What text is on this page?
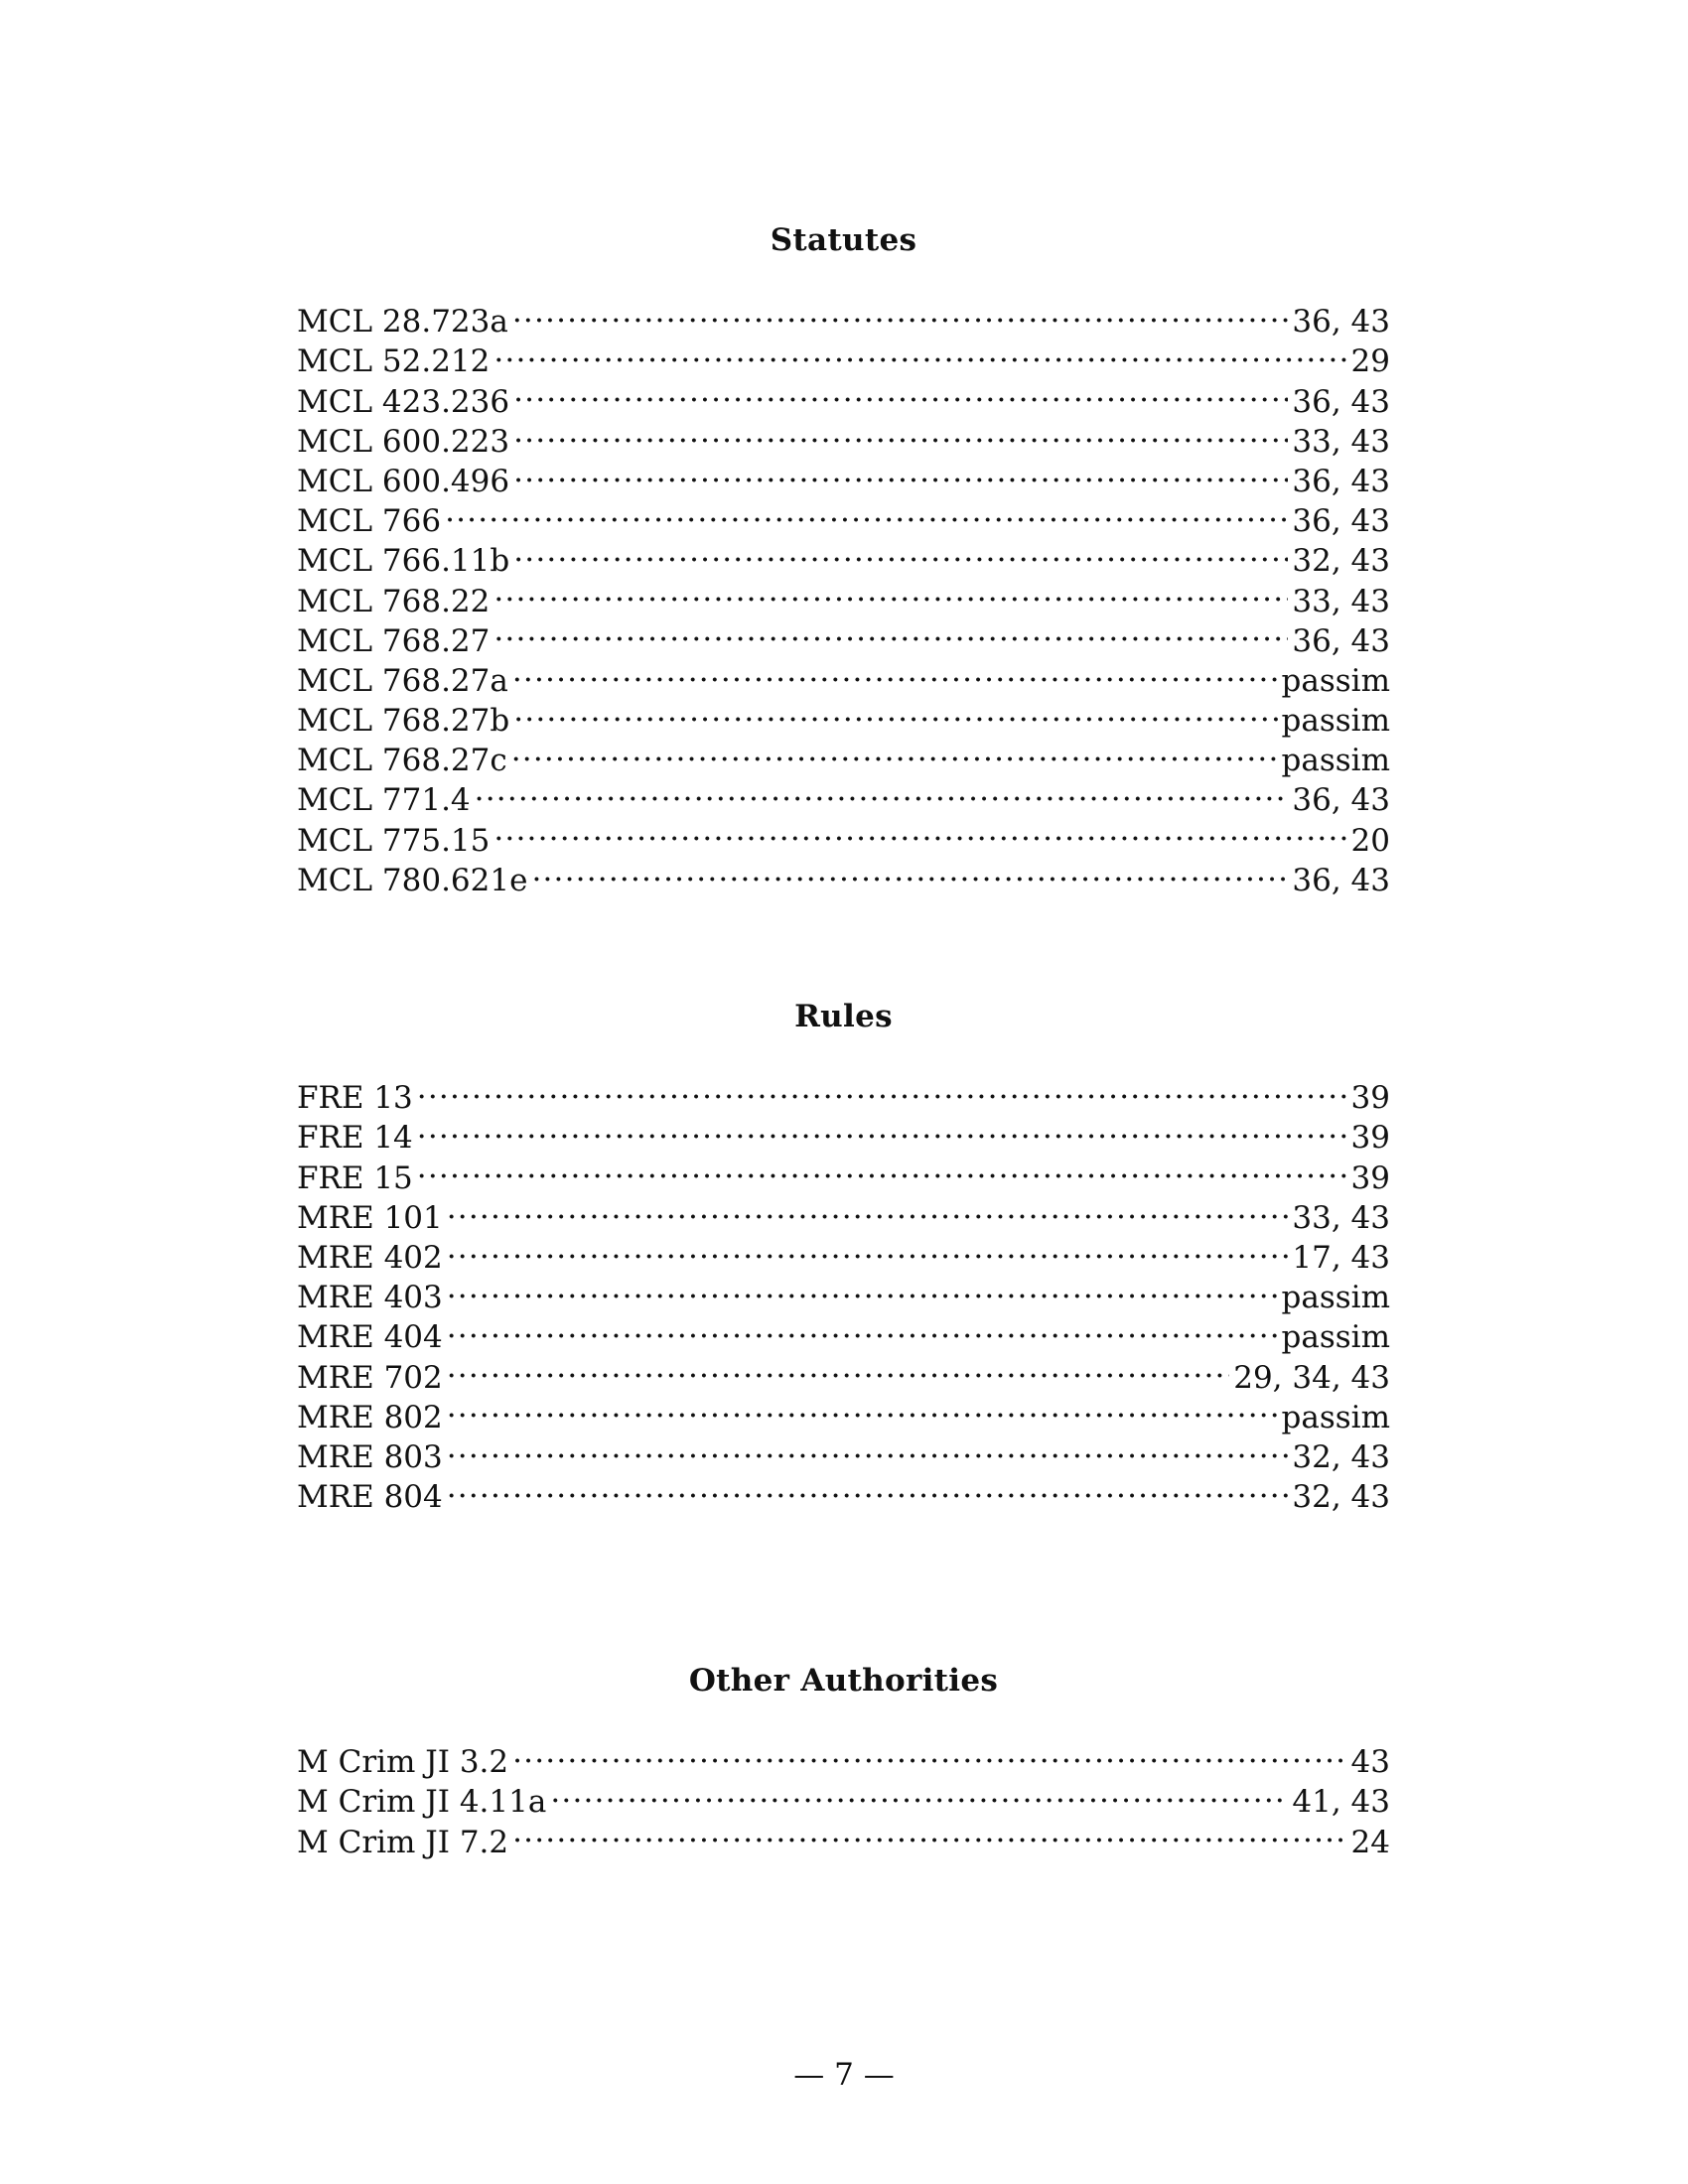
Statutes
MCL 28.723a .....	36, 43
MCL 52.212 .....	29
MCL 423.236 .....	36, 43
MCL 600.223 .....	33, 43
MCL 600.496 .....	36, 43
MCL 766 .....	36, 43
MCL 766.11b .....	32, 43
MCL 768.22 .....	33, 43
MCL 768.27 .....	36, 43
MCL 768.27a .....	passim
MCL 768.27b .....	passim
MCL 768.27c .....	passim
MCL 771.4 .....	36, 43
MCL 775.15 .....	20
MCL 780.621e .....	36, 43
Rules
FRE 13 .....	39
FRE 14 .....	39
FRE 15 .....	39
MRE 101 .....	33, 43
MRE 402 .....	17, 43
MRE 403 .....	passim
MRE 404 .....	passim
MRE 702 .....	29, 34, 43
MRE 802 .....	passim
MRE 803 .....	32, 43
MRE 804 .....	32, 43
Other Authorities
M Crim JI 3.2 .....	43
M Crim JI 4.11a .....	41, 43
M Crim JI 7.2 .....	24
— 7 —
